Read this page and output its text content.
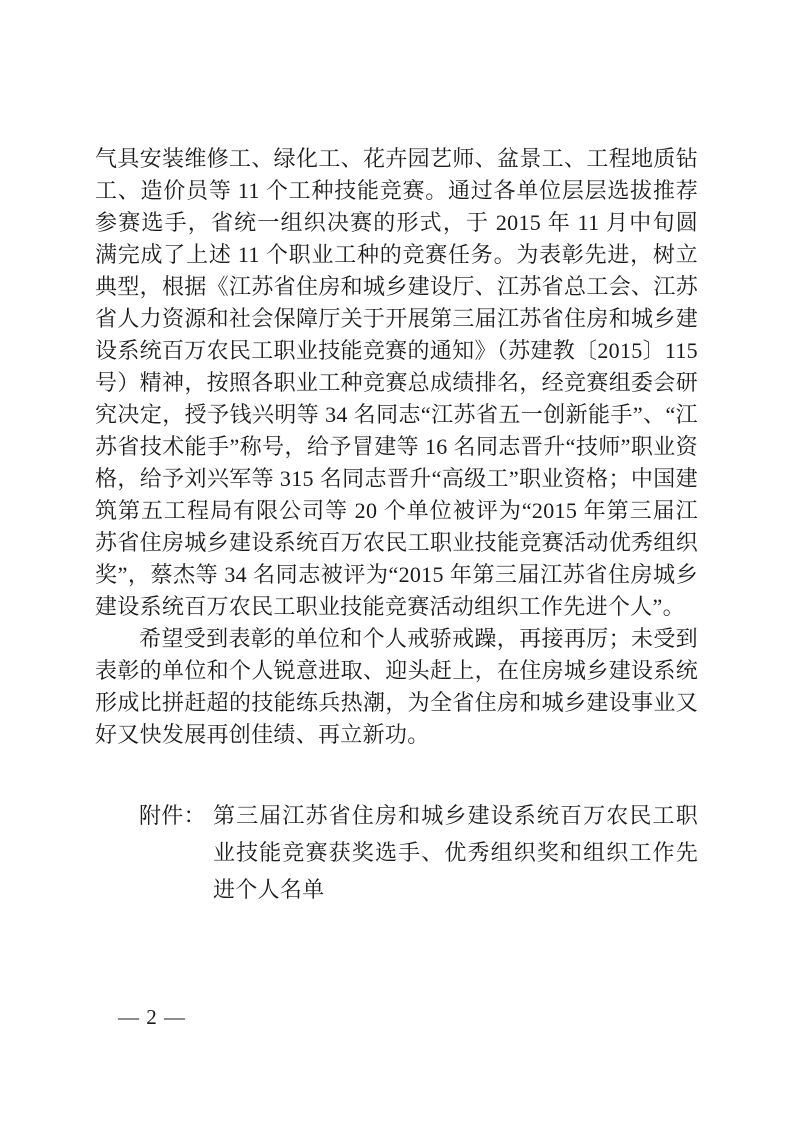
气具安装维修工、绿化工、花卉园艺师、盆景工、工程地质钻工、造价员等 11 个工种技能竞赛。通过各单位层层选拔推荐参赛选手，省统一组织决赛的形式，于 2015 年 11 月中旬圆满完成了上述 11 个职业工种的竞赛任务。为表彰先进，树立典型，根据《江苏省住房和城乡建设厅、江苏省总工会、江苏省人力资源和社会保障厅关于开展第三届江苏省住房和城乡建设系统百万农民工职业技能竞赛的通知》（苏建教〔2015〕115 号）精神，按照各职业工种竞赛总成绩排名，经竞赛组委会研究决定，授予钱兴明等 34 名同志“江苏省五一创新能手”、“江苏省技术能手”称号，给予冒建等 16 名同志晋升“技师”职业资格，给予刘兴军等 315 名同志晋升“高级工”职业资格；中国建筑第五工程局有限公司等 20 个单位被评为“2015 年第三届江苏省住房城乡建设系统百万农民工职业技能竞赛活动优秀组织奖”，蔡杰等 34 名同志被评为“2015 年第三届江苏省住房城乡建设系统百万农民工职业技能竞赛活动组织工作先进个人”。

希望受到表彰的单位和个人戒骄戒躁，再接再厉；未受到表彰的单位和个人锐意进取、迎头赶上，在住房城乡建设系统形成比拼赶超的技能练兵热潮，为全省住房和城乡建设事业又好又快发展再创佳绩、再立新功。

附件： 第三届江苏省住房和城乡建设系统百万农民工职业技能竞赛获奖选手、优秀组织奖和组织工作先进个人名单
— 2 —
